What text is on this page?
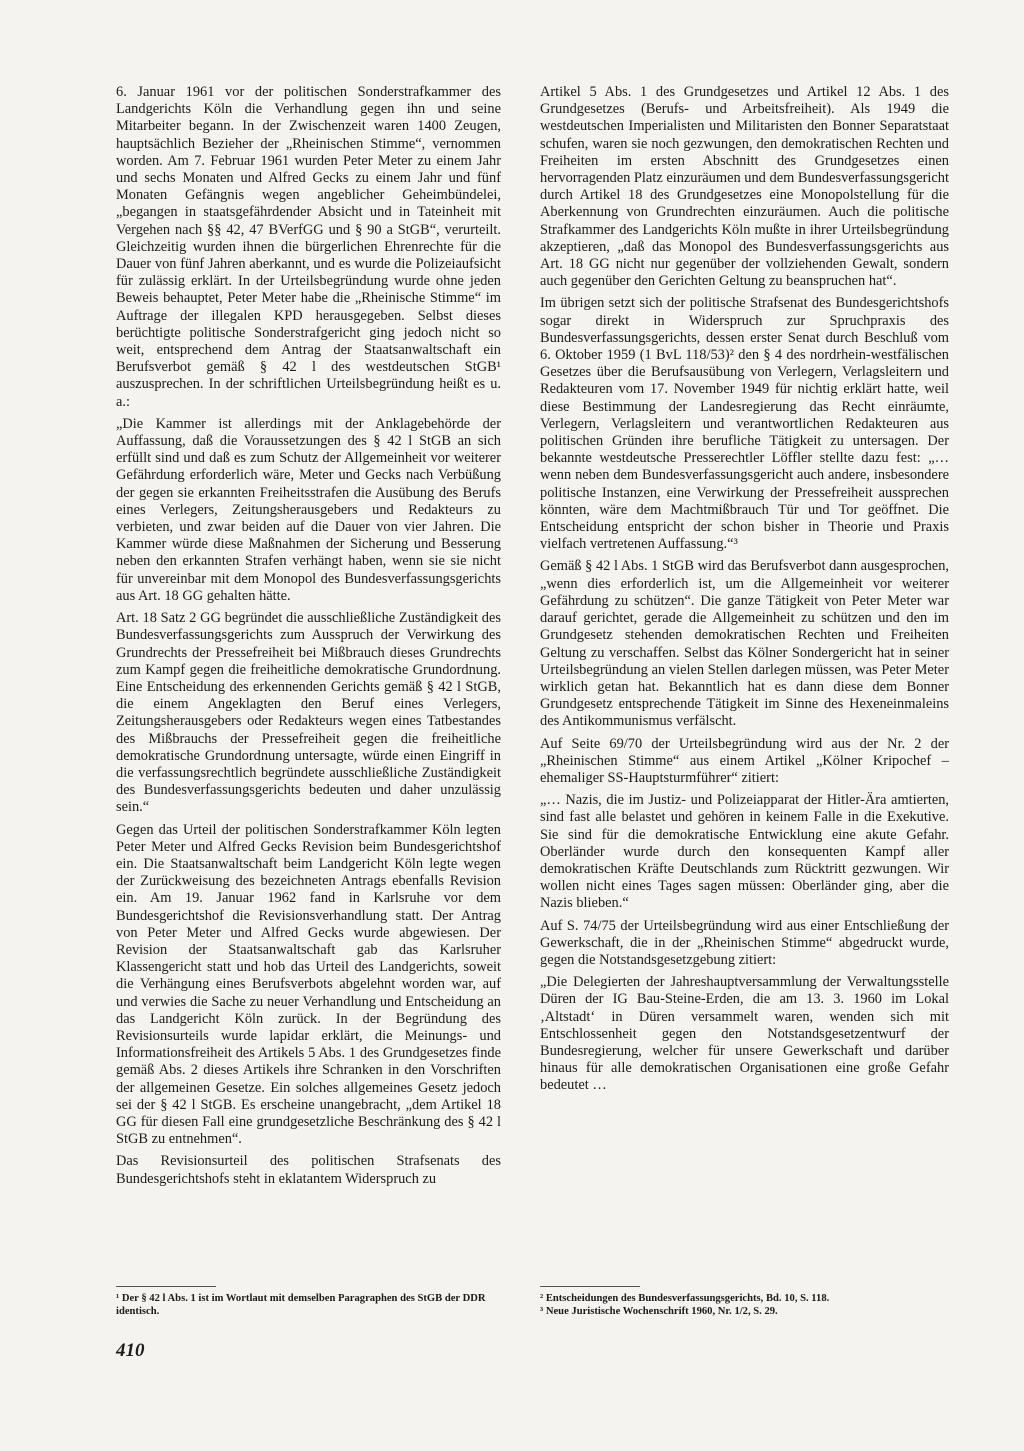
6. Januar 1961 vor der politischen Sonderstrafkammer des Landgerichts Köln die Verhandlung gegen ihn und seine Mitarbeiter begann. In der Zwischenzeit waren 1400 Zeugen, hauptsächlich Bezieher der „Rheinischen Stimme“, vernommen worden. Am 7. Februar 1961 wurden Peter Meter zu einem Jahr und sechs Monaten und Alfred Gecks zu einem Jahr und fünf Monaten Gefängnis wegen angeblicher Geheimbündelei, „begangen in staatsgefährdender Absicht und in Tateinheit mit Vergehen nach §§ 42, 47 BVerfGG und § 90 a StGB“, verurteilt. Gleichzeitig wurden ihnen die bürgerlichen Ehrenrechte für die Dauer von fünf Jahren aberkannt, und es wurde die Polizeiaufsicht für zulässig erklärt. In der Urteilsbegründung wurde ohne jeden Beweis behauptet, Peter Meter habe die „Rheinische Stimme“ im Auftrage der illegalen KPD herausgegeben. Selbst dieses berüchtigte politische Sonderstrafgericht ging jedoch nicht so weit, entsprechend dem Antrag der Staatsanwaltschaft ein Berufsverbot gemäß § 42 l des westdeutschen StGB¹ auszusprechen. In der schriftlichen Urteilsbegründung heißt es u. a.:

„Die Kammer ist allerdings mit der Anklagebehörde der Auffassung, daß die Voraussetzungen des § 42 l StGB an sich erfüllt sind und daß es zum Schutz der Allgemeinheit vor weiterer Gefährdung erforderlich wäre, Meter und Gecks nach Verbüßung der gegen sie erkannten Freiheitsstrafen die Ausübung des Berufs eines Verlegers, Zeitungsherausgebers und Redakteurs zu verbieten, und zwar beiden auf die Dauer von vier Jahren. Die Kammer würde diese Maßnahmen der Sicherung und Besserung neben den erkannten Strafen verhängt haben, wenn sie sie nicht für unvereinbar mit dem Monopol des Bundesverfassungsgerichts aus Art. 18 GG gehalten hätte.

Art. 18 Satz 2 GG begründet die ausschließliche Zuständigkeit des Bundesverfassungsgerichts zum Ausspruch der Verwirkung des Grundrechts der Pressefreiheit bei Mißbrauch dieses Grundrechts zum Kampf gegen die freiheitliche demokratische Grundordnung. Eine Entscheidung des erkennenden Gerichts gemäß § 42 l StGB, die einem Angeklagten den Beruf eines Verlegers, Zeitungsherausgebers oder Redakteurs wegen eines Tatbestandes des Mißbrauchs der Pressefreiheit gegen die freiheitliche demokratische Grundordnung untersagte, würde einen Eingriff in die verfassungsrechtlich begründete ausschließliche Zuständigkeit des Bundesverfassungsgerichts bedeuten und daher unzulässig sein.“

Gegen das Urteil der politischen Sonderstrafkammer Köln legten Peter Meter und Alfred Gecks Revision beim Bundesgerichtshof ein. Die Staatsanwaltschaft beim Landgericht Köln legte wegen der Zurückweisung des bezeichneten Antrags ebenfalls Revision ein. Am 19. Januar 1962 fand in Karlsruhe vor dem Bundesgerichtshof die Revisionsverhandlung statt. Der Antrag von Peter Meter und Alfred Gecks wurde abgewiesen. Der Revision der Staatsanwaltschaft gab das Karlsruher Klassengericht statt und hob das Urteil des Landgerichts, soweit die Verhängung eines Berufsverbots abgelehnt worden war, auf und verwies die Sache zu neuer Verhandlung und Entscheidung an das Landgericht Köln zurück. In der Begründung des Revisionsurteils wurde lapidar erklärt, die Meinungs- und Informationsfreiheit des Artikels 5 Abs. 1 des Grundgesetzes finde gemäß Abs. 2 dieses Artikels ihre Schranken in den Vorschriften der allgemeinen Gesetze. Ein solches allgemeines Gesetz jedoch sei der § 42 l StGB. Es erscheine unangebracht, „dem Artikel 18 GG für diesen Fall eine grundgesetzliche Beschränkung des § 42 l StGB zu entnehmen“.

Das Revisionsurteil des politischen Strafsenats des Bundesgerichtshofs steht in eklatantem Widerspruch zu

Artikel 5 Abs. 1 des Grundgesetzes und Artikel 12 Abs. 1 des Grundgesetzes (Berufs- und Arbeitsfreiheit). Als 1949 die westdeutschen Imperialisten und Militaristen den Bonner Separatstaat schufen, waren sie noch gezwungen, den demokratischen Rechten und Freiheiten im ersten Abschnitt des Grundgesetzes einen hervorragenden Platz einzuräumen und dem Bundesverfassungsgericht durch Artikel 18 des Grundgesetzes eine Monopolstellung für die Aberkennung von Grundrechten einzuräumen. Auch die politische Strafkammer des Landgerichts Köln mußte in ihrer Urteilsbegründung akzeptieren, „daß das Monopol des Bundesverfassungsgerichts aus Art. 18 GG nicht nur gegenüber der vollziehenden Gewalt, sondern auch gegenüber den Gerichten Geltung zu beanspruchen hat“.

Im übrigen setzt sich der politische Strafsenat des Bundesgerichtshofs sogar direkt in Widerspruch zur Spruchpraxis des Bundesverfassungsgerichts, dessen erster Senat durch Beschluß vom 6. Oktober 1959 (1 BvL 118/53)² den § 4 des nordrhein-westfälischen Gesetzes über die Berufsausübung von Verlegern, Verlagsleitern und Redakteuren vom 17. November 1949 für nichtig erklärt hatte, weil diese Bestimmung der Landesregierung das Recht einräumte, Verlegern, Verlagsleitern und verantwortlichen Redakteuren aus politischen Gründen ihre berufliche Tätigkeit zu untersagen. Der bekannte westdeutsche Presserechtler Löffler stellte dazu fest: „… wenn neben dem Bundesverfassungsgericht auch andere, insbesondere politische Instanzen, eine Verwirkung der Pressefreiheit aussprechen könnten, wäre dem Machtmißbrauch Tür und Tor geöffnet. Die Entscheidung entspricht der schon bisher in Theorie und Praxis vielfach vertretenen Auffassung.“³

Gemäß § 42 l Abs. 1 StGB wird das Berufsverbot dann ausgesprochen, „wenn dies erforderlich ist, um die Allgemeinheit vor weiterer Gefährdung zu schützen“. Die ganze Tätigkeit von Peter Meter war darauf gerichtet, gerade die Allgemeinheit zu schützen und den im Grundgesetz stehenden demokratischen Rechten und Freiheiten Geltung zu verschaffen. Selbst das Kölner Sondergericht hat in seiner Urteilsbegründung an vielen Stellen darlegen müssen, was Peter Meter wirklich getan hat. Bekanntlich hat es dann diese dem Bonner Grundgesetz entsprechende Tätigkeit im Sinne des Hexeneinmaleins des Antikommunismus verfälscht.

Auf Seite 69/70 der Urteilsbegründung wird aus der Nr. 2 der „Rheinischen Stimme“ aus einem Artikel „Kölner Kripochef – ehemaliger SS-Hauptsturmführer“ zitiert:

„… Nazis, die im Justiz- und Polizeiapparat der Hitler-Ära amtierten, sind fast alle belastet und gehören in keinem Falle in die Exekutive. Sie sind für die demokratische Entwicklung eine akute Gefahr. Oberländer wurde durch den konsequenten Kampf aller demokratischen Kräfte Deutschlands zum Rücktritt gezwungen. Wir wollen nicht eines Tages sagen müssen: Oberländer ging, aber die Nazis blieben.“

Auf S. 74/75 der Urteilsbegründung wird aus einer Entschließung der Gewerkschaft, die in der „Rheinischen Stimme“ abgedruckt wurde, gegen die Notstandsgesetzgebung zitiert:

„Die Delegierten der Jahreshauptversammlung der Verwaltungsstelle Düren der IG Bau-Steine-Erden, die am 13. 3. 1960 im Lokal ‚Altstadt‘ in Düren versammelt waren, wenden sich mit Entschlossenheit gegen den Notstandsgesetzentwurf der Bundesregierung, welcher für unsere Gewerkschaft und darüber hinaus für alle demokratischen Organisationen eine große Gefahr bedeutet …

¹ Der § 42 l Abs. 1 ist im Wortlaut mit demselben Paragraphen des StGB der DDR identisch.
² Entscheidungen des Bundesverfassungsgerichts, Bd. 10, S. 118.
³ Neue Juristische Wochenschrift 1960, Nr. 1/2, S. 29.
410
